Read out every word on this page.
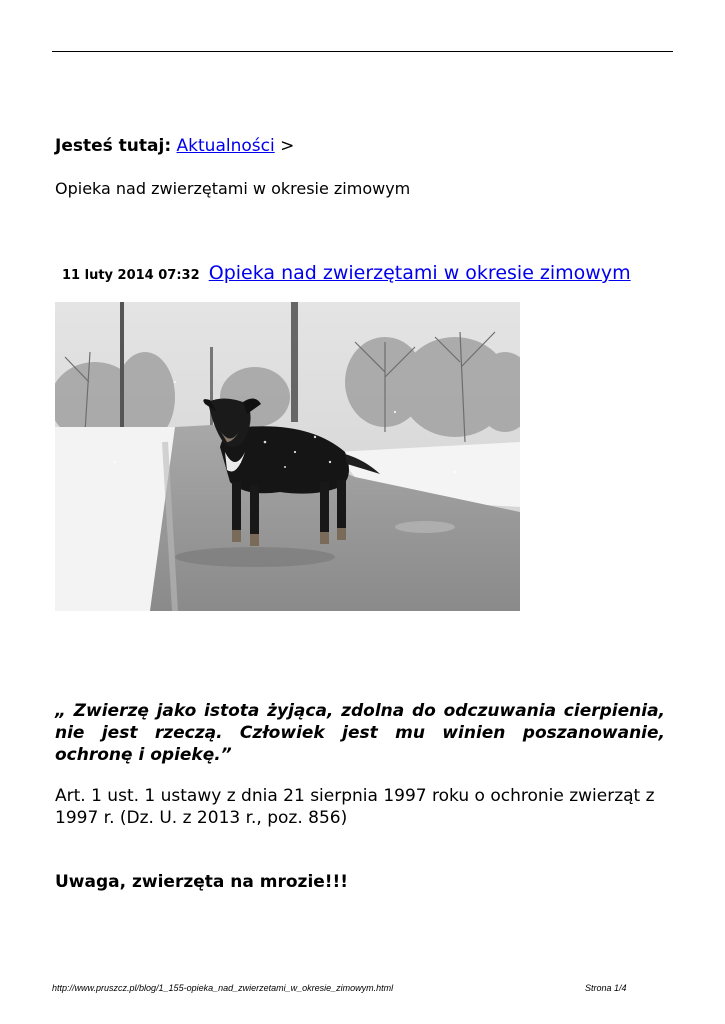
Jesteś tutaj: Aktualności >
Opieka nad zwierzętami w okresie zimowym
11 luty 2014 07:32 Opieka nad zwierzętami w okresie zimowym
„ Zwierzę jako istota żyjąca, zdolna do odczuwania cierpienia, nie jest rzeczą. Człowiek jest mu winien poszanowanie, ochronę i opiekę.”
Art. 1 ust. 1 ustawy z dnia 21 sierpnia 1997 roku o ochronie zwierząt z 1997 r. (Dz. U. z 2013 r., poz. 856)
Uwaga, zwierzęta na mrozie!!!
http://www.pruszcz.pl/blog/1_155-opieka_nad_zwierzetami_w_okresie_zimowym.html	Strona 1/4
